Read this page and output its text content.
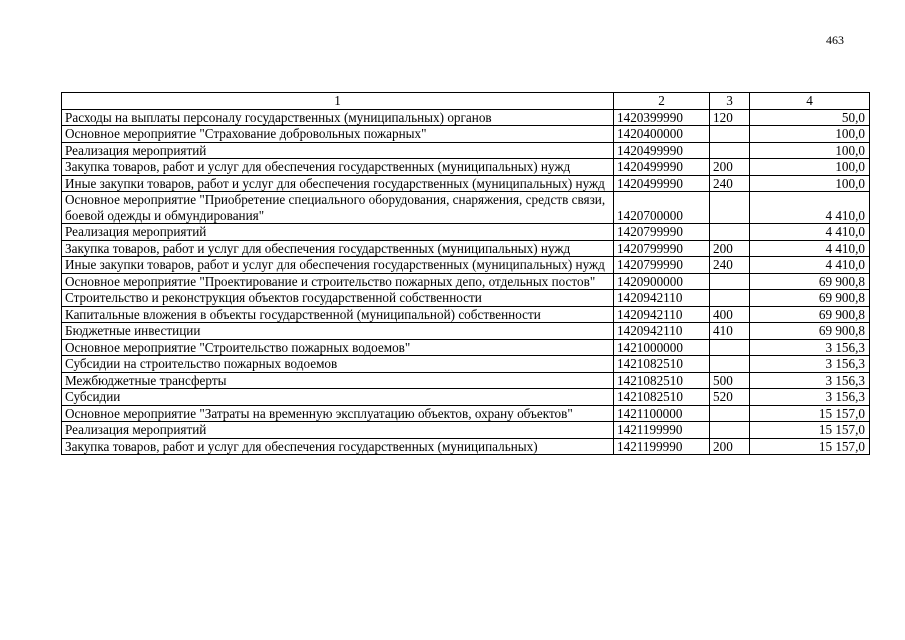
463
1	2	3	4
Расходы на выплаты персоналу государственных (муниципальных) органов	1420399990	120	50,0
Основное мероприятие "Страхование добровольных пожарных"	1420400000		100,0
Реализация мероприятий	1420499990		100,0
Закупка товаров, работ и услуг для обеспечения государственных (муниципальных) нужд	1420499990	200	100,0
Иные закупки товаров, работ и услуг для обеспечения государственных (муниципальных) нужд	1420499990	240	100,0
Основное мероприятие "Приобретение специального оборудования, снаряжения, средств связи, боевой одежды и обмундирования"	1420700000		4 410,0
Реализация мероприятий	1420799990		4 410,0
Закупка товаров, работ и услуг для обеспечения государственных (муниципальных) нужд	1420799990	200	4 410,0
Иные закупки товаров, работ и услуг для обеспечения государственных (муниципальных) нужд	1420799990	240	4 410,0
Основное мероприятие "Проектирование и строительство пожарных депо, отдельных постов"	1420900000		69 900,8
Строительство и реконструкция объектов государственной собственности	1420942110		69 900,8
Капитальные вложения в объекты государственной (муниципальной) собственности	1420942110	400	69 900,8
Бюджетные инвестиции	1420942110	410	69 900,8
Основное мероприятие "Строительство пожарных водоемов"	1421000000		3 156,3
Субсидии на строительство пожарных водоемов	1421082510		3 156,3
Межбюджетные трансферты	1421082510	500	3 156,3
Субсидии	1421082510	520	3 156,3
Основное мероприятие "Затраты на временную эксплуатацию объектов, охрану объектов"	1421100000		15 157,0
Реализация мероприятий	1421199990		15 157,0
Закупка товаров, работ и услуг для обеспечения государственных (муниципальных)	1421199990	200	15 157,0
